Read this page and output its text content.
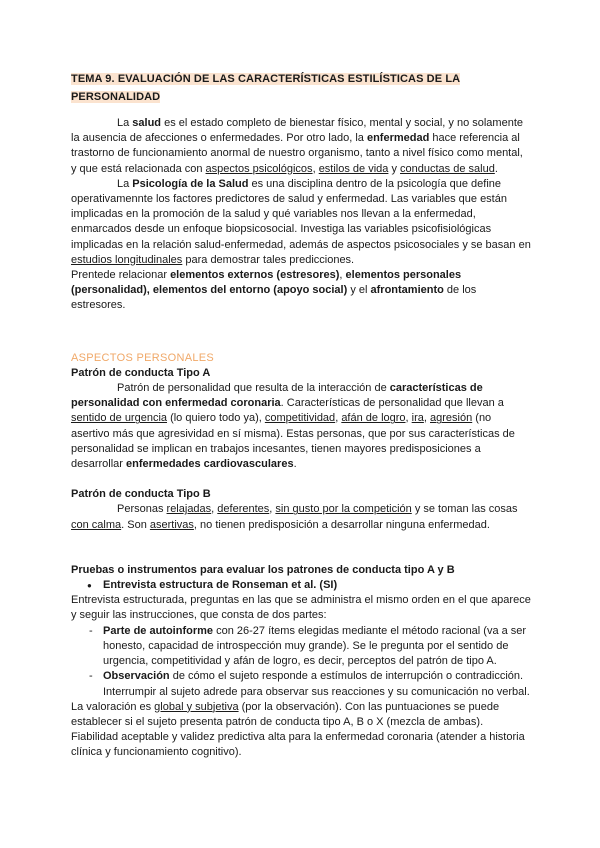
TEMA 9. EVALUACIÓN DE LAS CARACTERÍSTICAS ESTILÍSTICAS DE LA PERSONALIDAD

La salud es el estado completo de bienestar físico, mental y social, y no solamente la ausencia de afecciones o enfermedades. Por otro lado, la enfermedad hace referencia al trastorno de funcionamiento anormal de nuestro organismo, tanto a nivel físico como mental, y que está relacionada con aspectos psicológicos, estilos de vida y conductas de salud.

La Psicología de la Salud es una disciplina dentro de la psicología que define operativamennte los factores predictores de salud y enfermedad. Las variables que están implicadas en la promoción de la salud y qué variables nos llevan a la enfermedad, enmarcados desde un enfoque biopsicosocial. Investiga las variables psicofisiológicas implicadas en la relación salud-enfermedad, además de aspectos psicosociales y se basan en estudios longitudinales para demostrar tales predicciones.

Prentede relacionar elementos externos (estresores), elementos personales (personalidad), elementos del entorno (apoyo social) y el afrontamiento de los estresores.

ASPECTOS PERSONALES

Patrón de conducta Tipo A

Patrón de personalidad que resulta de la interacción de características de personalidad con enfermedad coronaria. Características de personalidad que llevan a sentido de urgencia (lo quiero todo ya), competitividad, afán de logro, ira, agresión (no asertivo más que agresividad en sí misma). Estas personas, que por sus características de personalidad se implican en trabajos incesantes, tienen mayores predisposiciones a desarrollar enfermedades cardiovasculares.

Patrón de conducta Tipo B

Personas relajadas, deferentes, sin gusto por la competición y se toman las cosas con calma. Son asertivas, no tienen predisposición a desarrollar ninguna enfermedad.

Pruebas o instrumentos para evaluar los patrones de conducta tipo A y B

● Entrevista estructura de Ronseman et al. (SI)

Entrevista estructurada, preguntas en las que se administra el mismo orden en el que aparece y seguir las instrucciones, que consta de dos partes:

- Parte de autoinforme con 26-27 ítems elegidas mediante el método racional (va a ser honesto, capacidad de introspección muy grande). Se le pregunta por el sentido de urgencia, competitividad y afán de logro, es decir, perceptos del patrón de tipo A.
- Observación de cómo el sujeto responde a estímulos de interrupción o contradicción. Interrumpir al sujeto adrede para observar sus reacciones y su comunicación no verbal.

La valoración es global y subjetiva (por la observación). Con las puntuaciones se puede establecer si el sujeto presenta patrón de conducta tipo A, B o X (mezcla de ambas). Fiabilidad aceptable y validez predictiva alta para la enfermedad coronaria (atender a historia clínica y funcionamiento cognitivo).
